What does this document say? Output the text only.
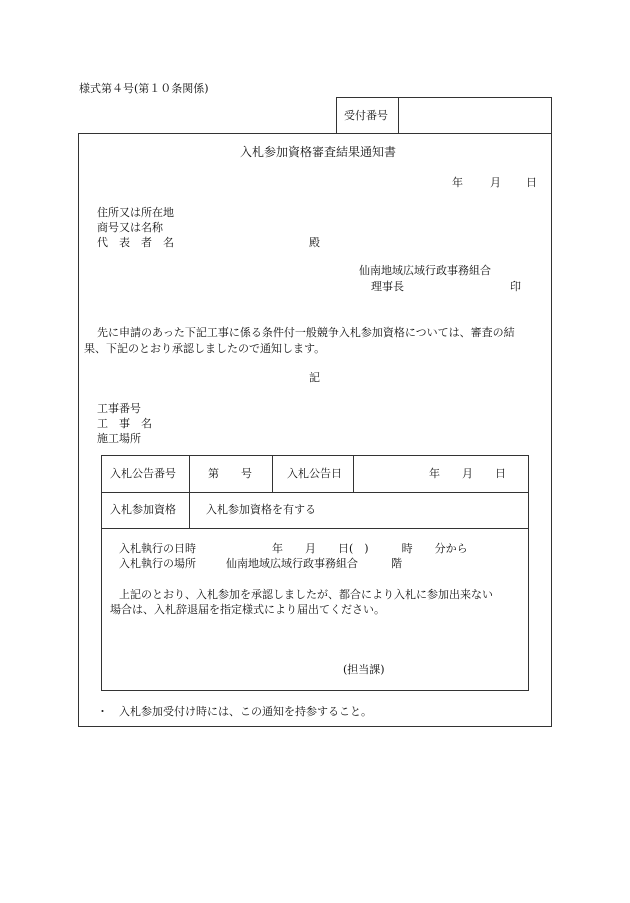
様式第４号(第１０条関係)
受付番号
入札参加資格審査結果通知書
年 月 日
住所又は所在地
商号又は名称
代　表　者　名	殿
仙南地域広域行政事務組合
理事長	印
先に申請のあった下記工事に係る条件付一般競争入札参加資格については、審査の結
果、下記のとおり承認しましたので通知します。
記
工事番号
工　事　名
施工場所
入札公告番号	第　　号	入札公告日	年　　月　　日
入札参加資格	入札参加資格を有する
入札執行の日時	年　　月　　日(　)　　　時　　分から
入札執行の場所	仙南地域広域行政事務組合　　　階
上記のとおり、入札参加を承認しましたが、都合により入札に参加出来ない
場合は、入札辞退届を指定様式により届出てください。
(担当課)
・ 入札参加受付け時には、この通知を持参すること。
